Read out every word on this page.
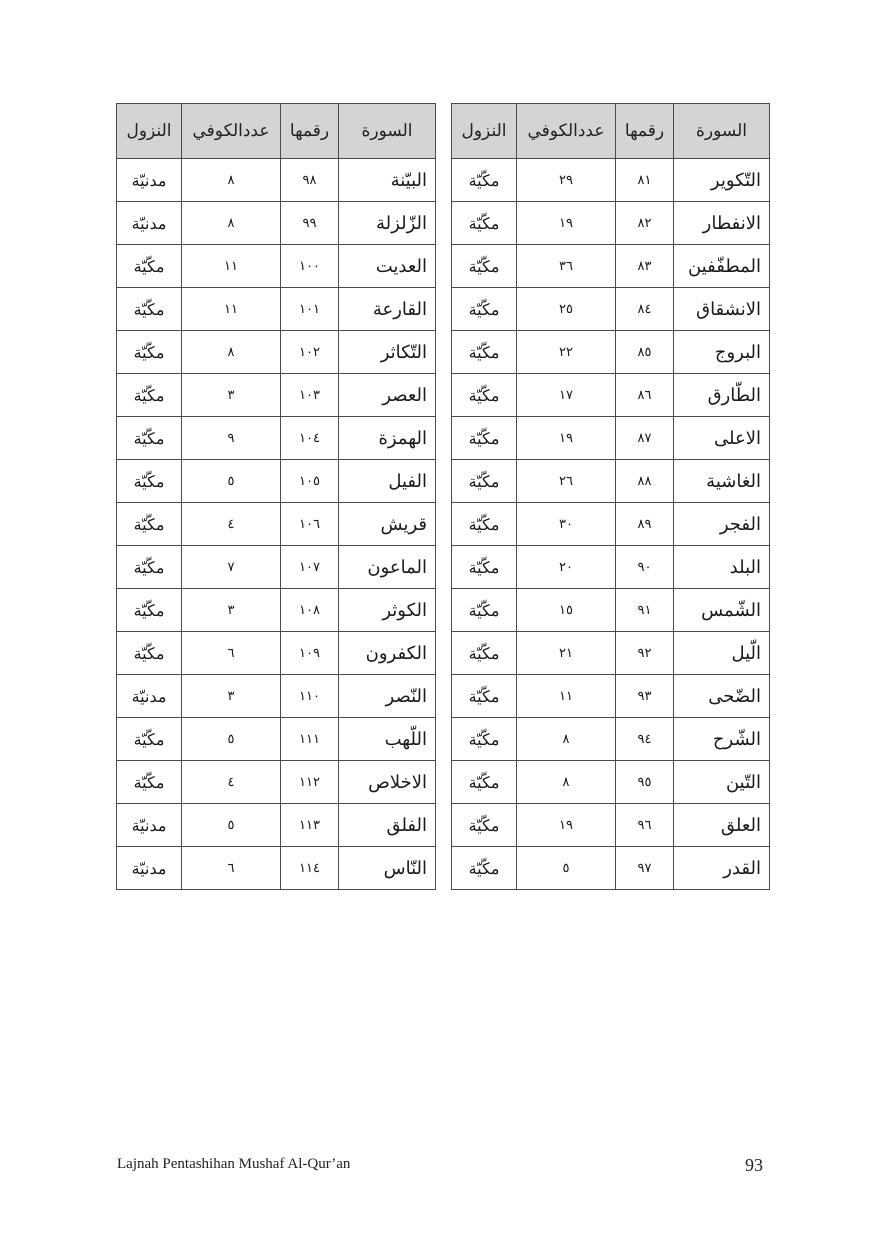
السورة	رقمها	عددالكوفي	النزول
التّكوير	٨١	٢٩	مكّيّة
الانفطار	٨٢	١٩	مكّيّة
المطفّفين	٨٣	٣٦	مكّيّة
الانشقاق	٨٤	٢٥	مكّيّة
البروج	٨٥	٢٢	مكّيّة
الطّارق	٨٦	١٧	مكّيّة
الاعلى	٨٧	١٩	مكّيّة
الغاشية	٨٨	٢٦	مكّيّة
الفجر	٨٩	٣٠	مكّيّة
البلد	٩٠	٢٠	مكّيّة
الشّمس	٩١	١٥	مكّيّة
الّيل	٩٢	٢١	مكّيّة
الضّحى	٩٣	١١	مكّيّة
الشّرح	٩٤	٨	مكّيّة
التّين	٩٥	٨	مكّيّة
العلق	٩٦	١٩	مكّيّة
القدر	٩٧	٥	مكّيّة
السورة	رقمها	عددالكوفي	النزول
البيّنة	٩٨	٨	مدنيّة
الزّلزلة	٩٩	٨	مدنيّة
العديت	١٠٠	١١	مكّيّة
القارعة	١٠١	١١	مكّيّة
التّكاثر	١٠٢	٨	مكّيّة
العصر	١٠٣	٣	مكّيّة
الهمزة	١٠٤	٩	مكّيّة
الفيل	١٠٥	٥	مكّيّة
قريش	١٠٦	٤	مكّيّة
الماعون	١٠٧	٧	مكّيّة
الكوثر	١٠٨	٣	مكّيّة
الكفرون	١٠٩	٦	مكّيّة
النّصر	١١٠	٣	مدنيّة
اللّهب	١١١	٥	مكّيّة
الاخلاص	١١٢	٤	مكّيّة
الفلق	١١٣	٥	مدنيّة
النّاس	١١٤	٦	مدنيّة
Lajnah Pentashihan Mushaf Al-Qur’an	93
